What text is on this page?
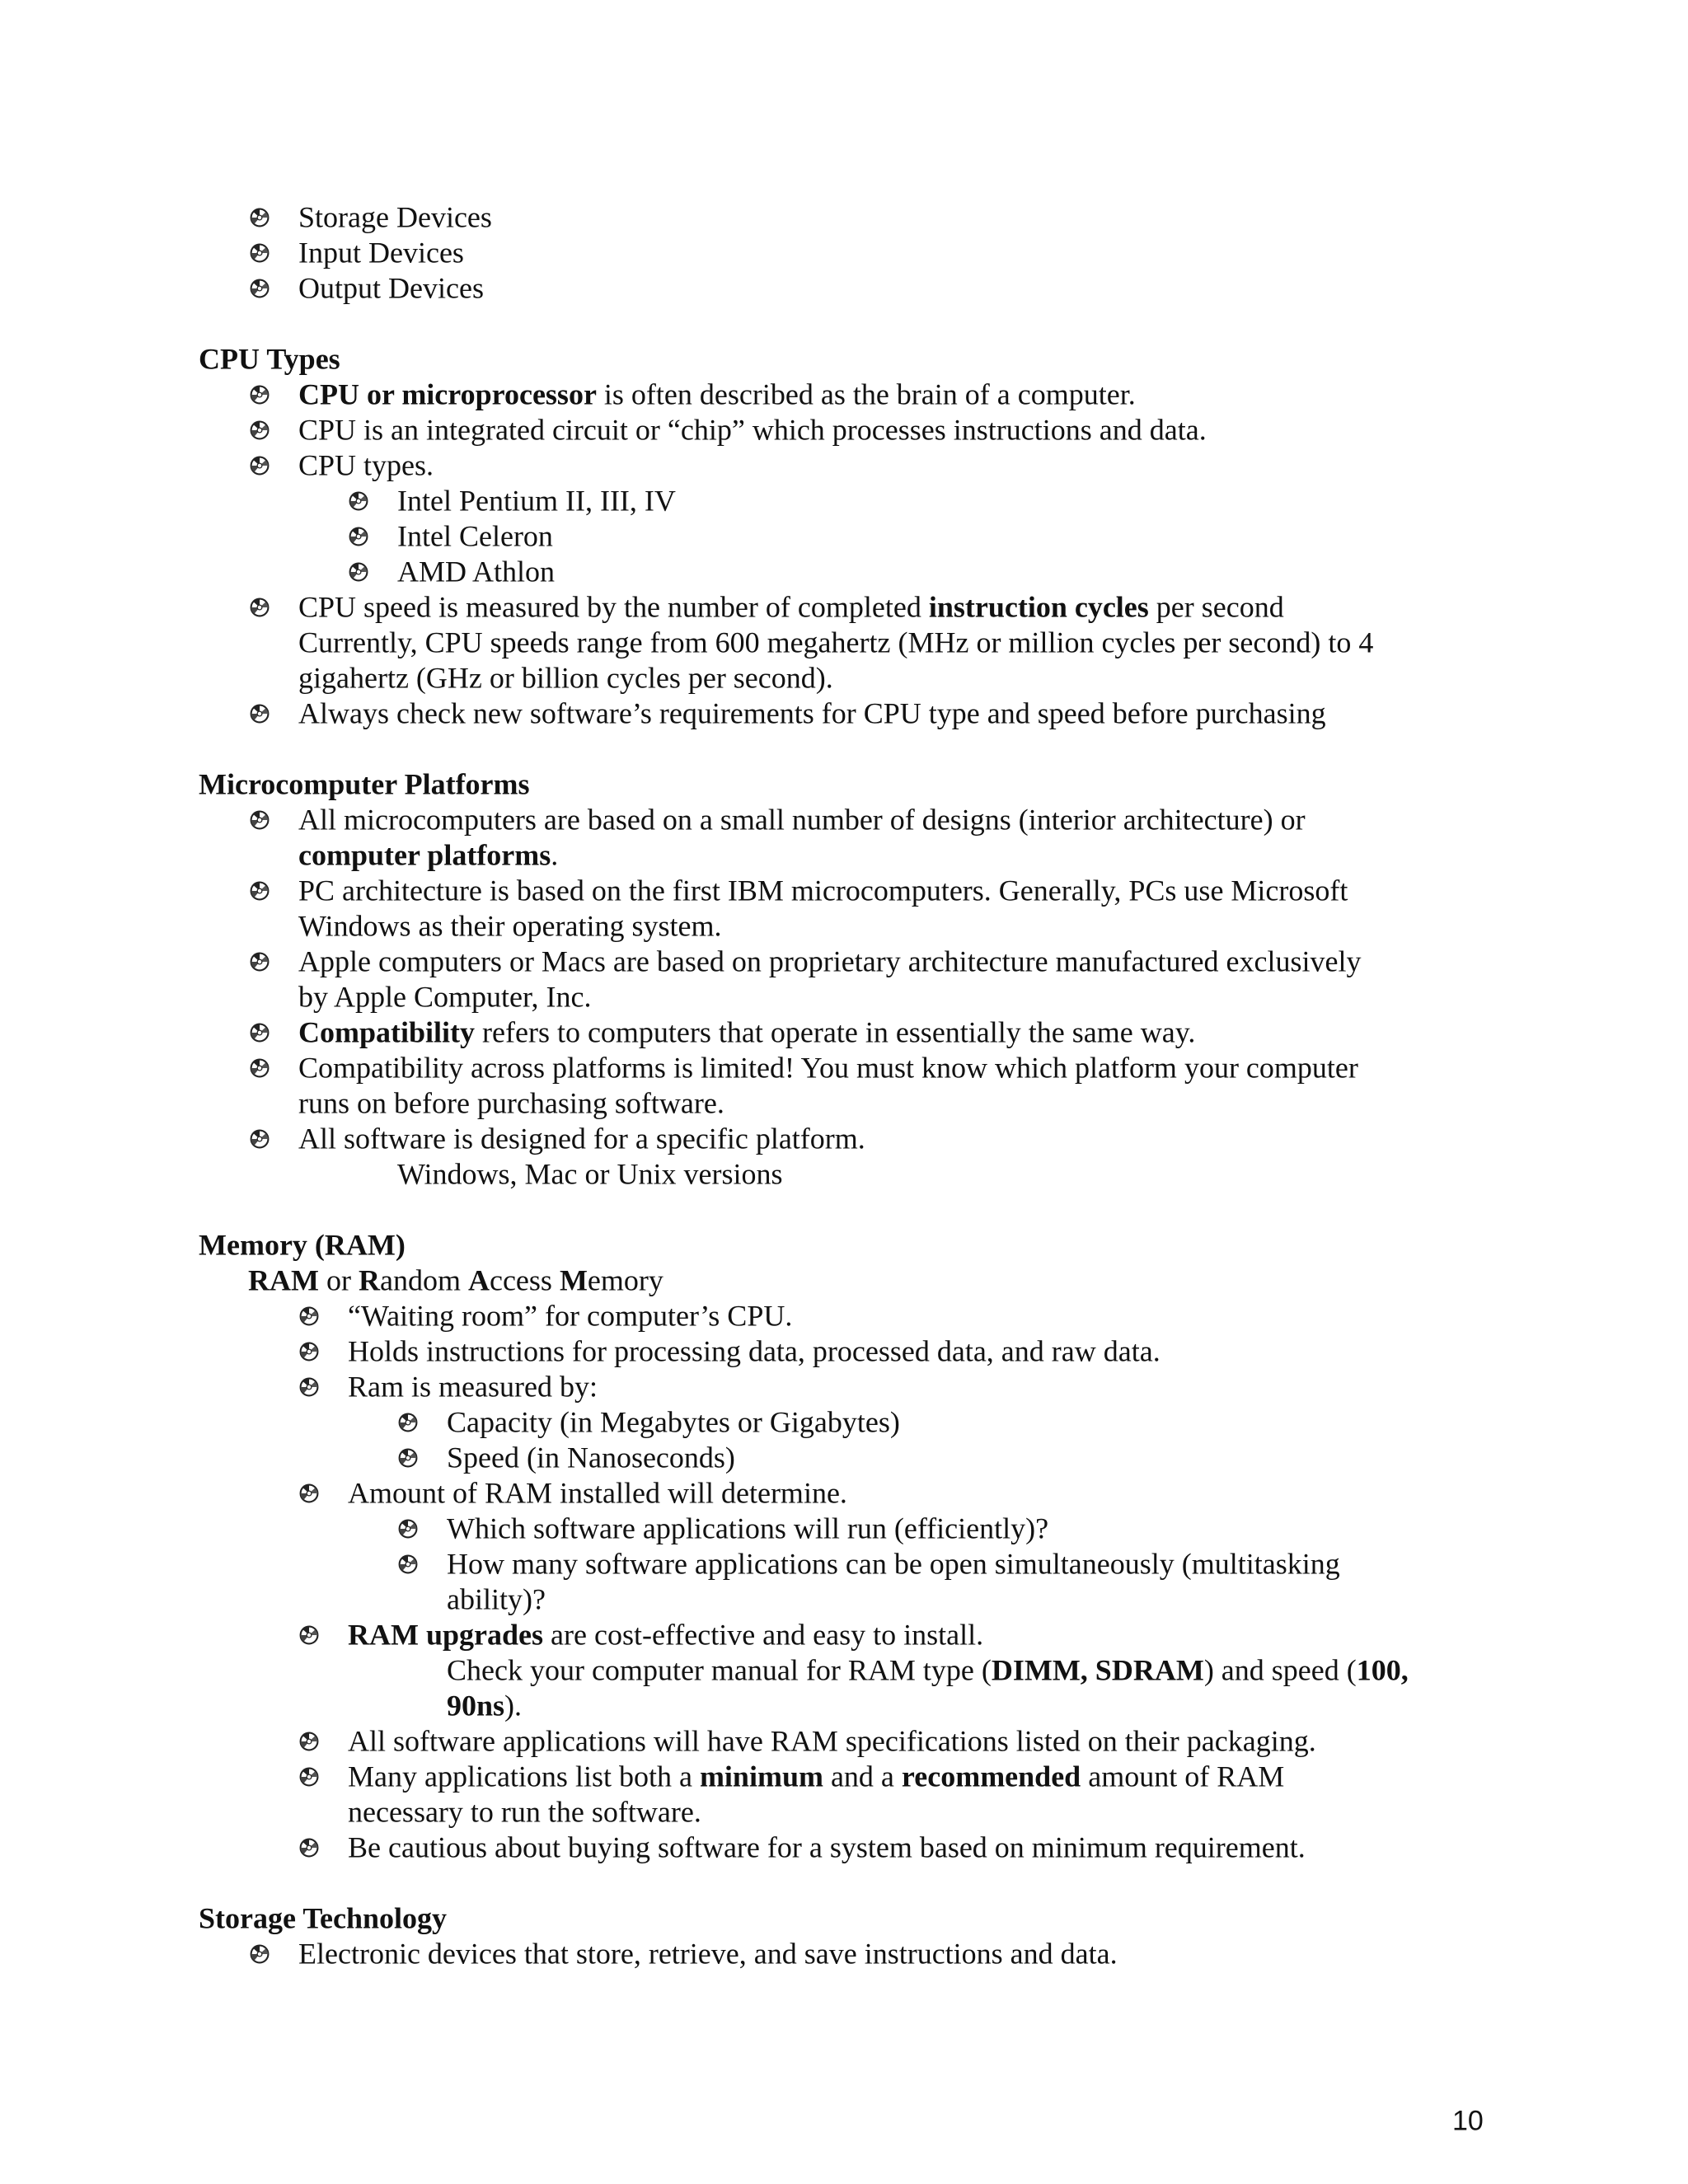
Storage Devices
Input Devices
Output Devices
CPU Types
CPU or microprocessor is often described as the brain of a computer.
CPU is an integrated circuit or “chip” which processes instructions and data.
CPU types.
Intel Pentium II, III, IV
Intel Celeron
AMD Athlon
CPU speed is measured by the number of completed instruction cycles per second
Currently, CPU speeds range from 600 megahertz (MHz or million cycles per second) to 4
gigahertz (GHz or billion cycles per second).
Always check new software’s requirements for CPU type and speed before purchasing
Microcomputer Platforms
All microcomputers are based on a small number of designs (interior architecture) or
computer platforms.
PC architecture is based on the first IBM microcomputers. Generally, PCs use Microsoft
Windows as their operating system.
Apple computers or Macs are based on proprietary architecture manufactured exclusively
by Apple Computer, Inc.
Compatibility refers to computers that operate in essentially the same way.
Compatibility across platforms is limited! You must know which platform your computer
runs on before purchasing software.
All software is designed for a specific platform.
Windows, Mac or Unix versions
Memory (RAM)
RAM or Random Access Memory
“Waiting room” for computer’s CPU.
Holds instructions for processing data, processed data, and raw data.
Ram is measured by:
Capacity (in Megabytes or Gigabytes)
Speed (in Nanoseconds)
Amount of RAM installed will determine.
Which software applications will run (efficiently)?
How many software applications can be open simultaneously (multitasking
ability)?
RAM upgrades are cost-effective and easy to install.
Check your computer manual for RAM type (DIMM, SDRAM) and speed (100,
90ns).
All software applications will have RAM specifications listed on their packaging.
Many applications list both a minimum and a recommended amount of RAM
necessary to run the software.
Be cautious about buying software for a system based on minimum requirement.
Storage Technology
Electronic devices that store, retrieve, and save instructions and data.
10
